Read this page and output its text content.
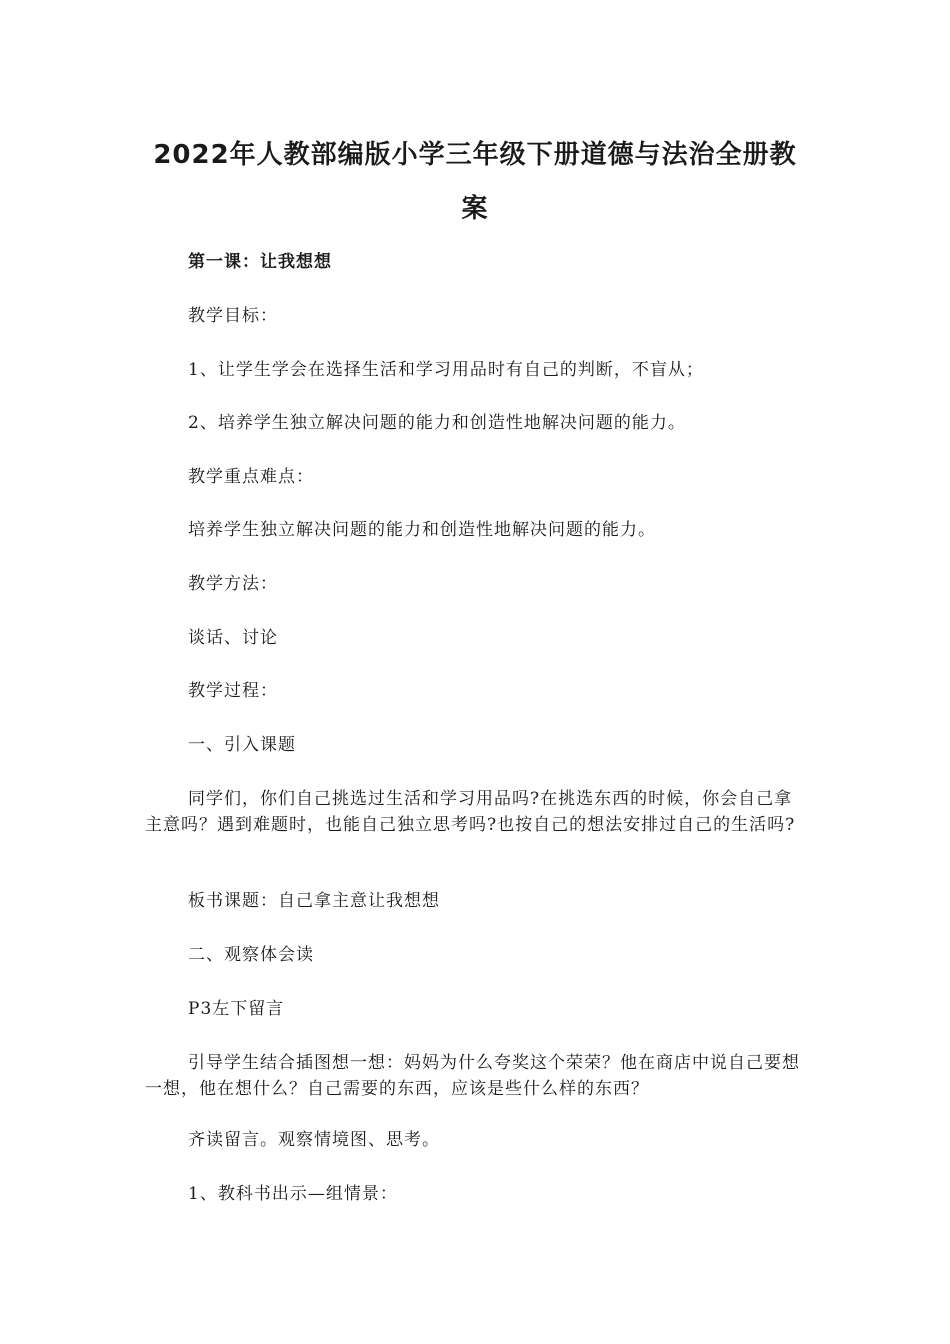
2022年人教部编版小学三年级下册道德与法治全册教案

第一课：让我想想

教学目标：

1、让学生学会在选择生活和学习用品时有自己的判断，不盲从；

2、培养学生独立解决问题的能力和创造性地解决问题的能力。

教学重点难点：

培养学生独立解决问题的能力和创造性地解决问题的能力。

教学方法：

谈话、讨论

教学过程：

一、引入课题

同学们，你们自己挑选过生活和学习用品吗?在挑选东西的时候，你会自己拿主意吗？遇到难题时，也能自己独立思考吗?也按自己的想法安排过自己的生活吗?

板书课题：自己拿主意让我想想

二、观察体会读

P3左下留言

引导学生结合插图想一想：妈妈为什么夸奖这个荣荣？他在商店中说自己要想一想，他在想什么？自己需要的东西，应该是些什么样的东西？

齐读留言。观察情境图、思考。

1、教科书出示—组情景：
